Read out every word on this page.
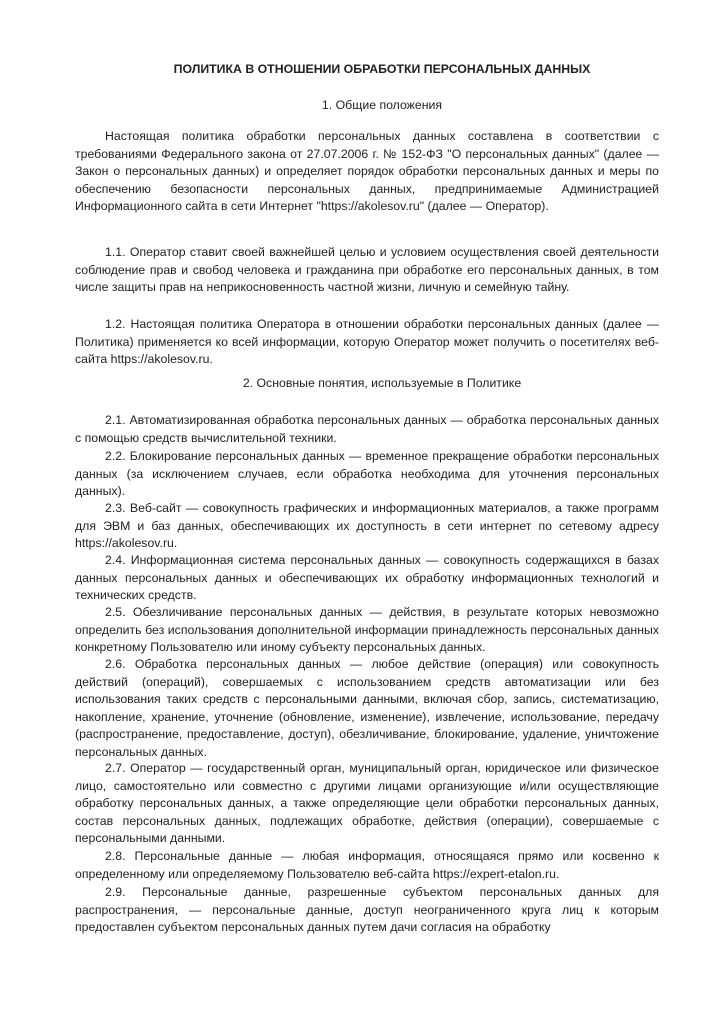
ПОЛИТИКА В ОТНОШЕНИИ ОБРАБОТКИ ПЕРСОНАЛЬНЫХ ДАННЫХ
1. Общие положения

Настоящая политика обработки персональных данных составлена в соответствии с требованиями Федерального закона от 27.07.2006 г. № 152-ФЗ "О персональных данных" (далее — Закон о персональных данных) и определяет порядок обработки персональных данных и меры по обеспечению безопасности персональных данных, предпринимаемые Администрацией Информационного сайта в сети Интернет "https://akolesov.ru" (далее — Оператор).

1.1. Оператор ставит своей важнейшей целью и условием осуществления своей деятельности соблюдение прав и свобод человека и гражданина при обработке его персональных данных, в том числе защиты прав на неприкосновенность частной жизни, личную и семейную тайну.

1.2. Настоящая политика Оператора в отношении обработки персональных данных (далее — Политика) применяется ко всей информации, которую Оператор может получить о посетителях веб-сайта https://akolesov.ru.

2. Основные понятия, используемые в Политике

2.1. Автоматизированная обработка персональных данных — обработка персональных данных с помощью средств вычислительной техники.

2.2. Блокирование персональных данных — временное прекращение обработки персональных данных (за исключением случаев, если обработка необходима для уточнения персональных данных).

2.3. Веб-сайт — совокупность графических и информационных материалов, а также программ для ЭВМ и баз данных, обеспечивающих их доступность в сети интернет по сетевому адресу https://akolesov.ru.

2.4. Информационная система персональных данных — совокупность содержащихся в базах данных персональных данных и обеспечивающих их обработку информационных технологий и технических средств.

2.5. Обезличивание персональных данных — действия, в результате которых невозможно определить без использования дополнительной информации принадлежность персональных данных конкретному Пользователю или иному субъекту персональных данных.

2.6. Обработка персональных данных — любое действие (операция) или совокупность действий (операций), совершаемых с использованием средств автоматизации или без использования таких средств с персональными данными, включая сбор, запись, систематизацию, накопление, хранение, уточнение (обновление, изменение), извлечение, использование, передачу (распространение, предоставление, доступ), обезличивание, блокирование, удаление, уничтожение персональных данных.

2.7. Оператор — государственный орган, муниципальный орган, юридическое или физическое лицо, самостоятельно или совместно с другими лицами организующие и/или осуществляющие обработку персональных данных, а также определяющие цели обработки персональных данных, состав персональных данных, подлежащих обработке, действия (операции), совершаемые с персональными данными.

2.8. Персональные данные — любая информация, относящаяся прямо или косвенно к определенному или определяемому Пользователю веб-сайта https://expert-etalon.ru.

2.9. Персональные данные, разрешенные субъектом персональных данных для распространения, — персональные данные, доступ неограниченного круга лиц к которым предоставлен субъектом персональных данных путем дачи согласия на обработку
